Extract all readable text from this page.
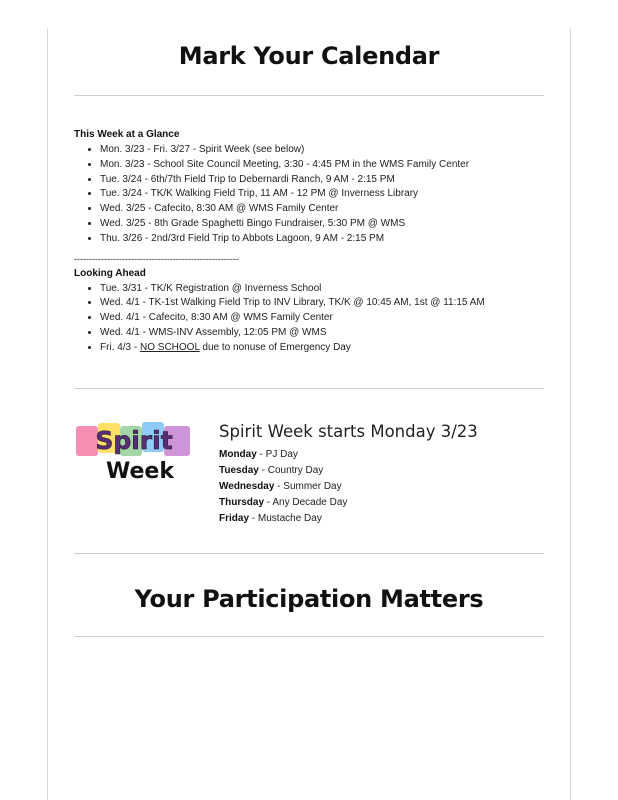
Mark Your Calendar

This Week at a Glance

• Mon. 3/23 - Fri. 3/27 - Spirit Week (see below)
• Mon. 3/23 - School Site Council Meeting, 3:30 - 4:45 PM in the WMS Family Center
• Tue. 3/24 - 6th/7th Field Trip to Debernardi Ranch, 9 AM - 2:15 PM
• Tue. 3/24 - TK/K Walking Field Trip, 11 AM - 12 PM @ Inverness Library
• Wed. 3/25 - Cafecito, 8:30 AM @ WMS Family Center
• Wed. 3/25 - 8th Grade Spaghetti Bingo Fundraiser, 5:30 PM @ WMS
• Thu. 3/26 - 2nd/3rd Field Trip to Abbots Lagoon, 9 AM - 2:15 PM
-------------------------------------------------------

Looking Ahead

• Tue. 3/31 - TK/K Registration @ Inverness School
• Wed. 4/1 - TK-1st Walking Field Trip to INV Library, TK/K @ 10:45 AM, 1st @ 11:15 AM
• Wed. 4/1 - Cafecito, 8:30 AM @ WMS Family Center
• Wed. 4/1 - WMS-INV Assembly, 12:05 PM @ WMS
• Fri. 4/3 - NO SCHOOL due to nonuse of Emergency Day
Spirit
Week

Spirit Week starts Monday 3/23

Monday - PJ Day
Tuesday - Country Day
Wednesday - Summer Day
Thursday - Any Decade Day
Friday - Mustache Day
Your Participation Matters
